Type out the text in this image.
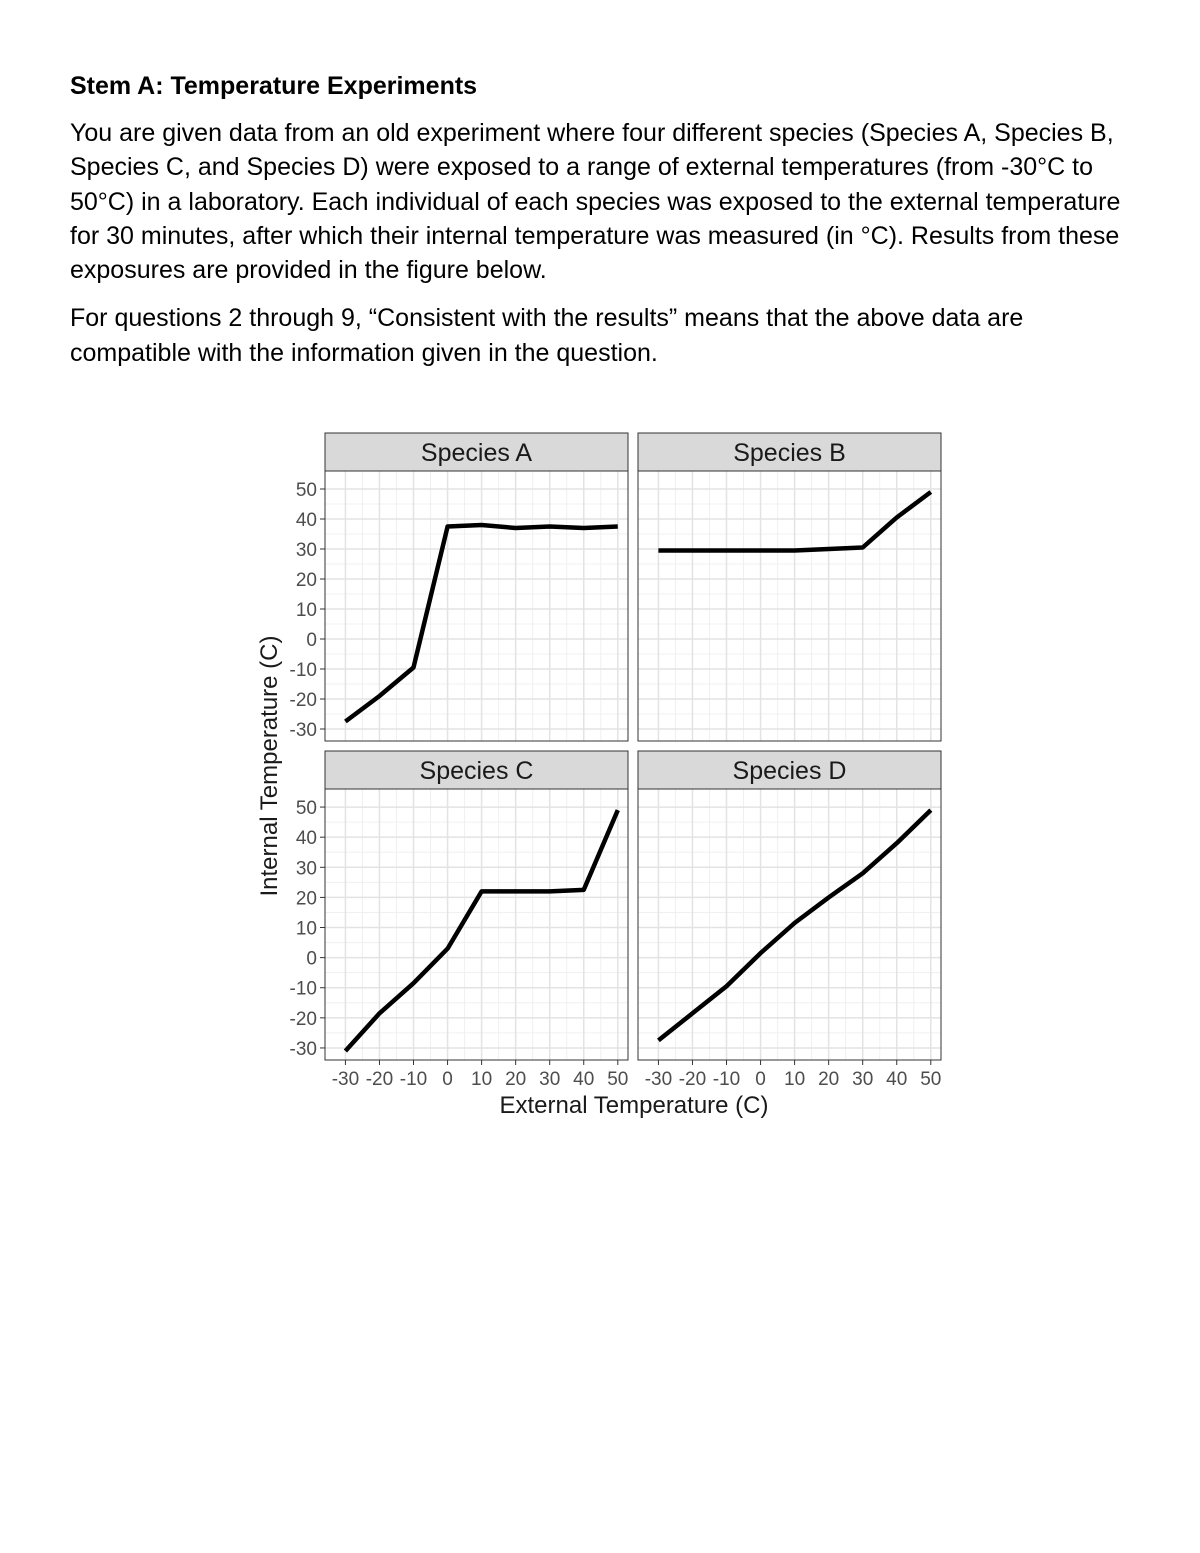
Stem A: Temperature Experiments
You are given data from an old experiment where four different species (Species A, Species B, Species C, and Species D) were exposed to a range of external temperatures (from -30°C to 50°C) in a laboratory. Each individual of each species was exposed to the external temperature for 30 minutes, after which their internal temperature was measured (in °C). Results from these exposures are provided in the figure below.
For questions 2 through 9, “Consistent with the results” means that the above data are compatible with the information given in the question.
Species A
-30
-20
-10
0
10
20
30
40
50
Species B
Species C
-30
-20
-10
0
10
20
30
40
50
-30 -20 -10 0 10 20 30 40 50
Species D
-30 -20 -10 0 10 20 30 40 50
External Temperature (C)
Internal Temperature (C)
